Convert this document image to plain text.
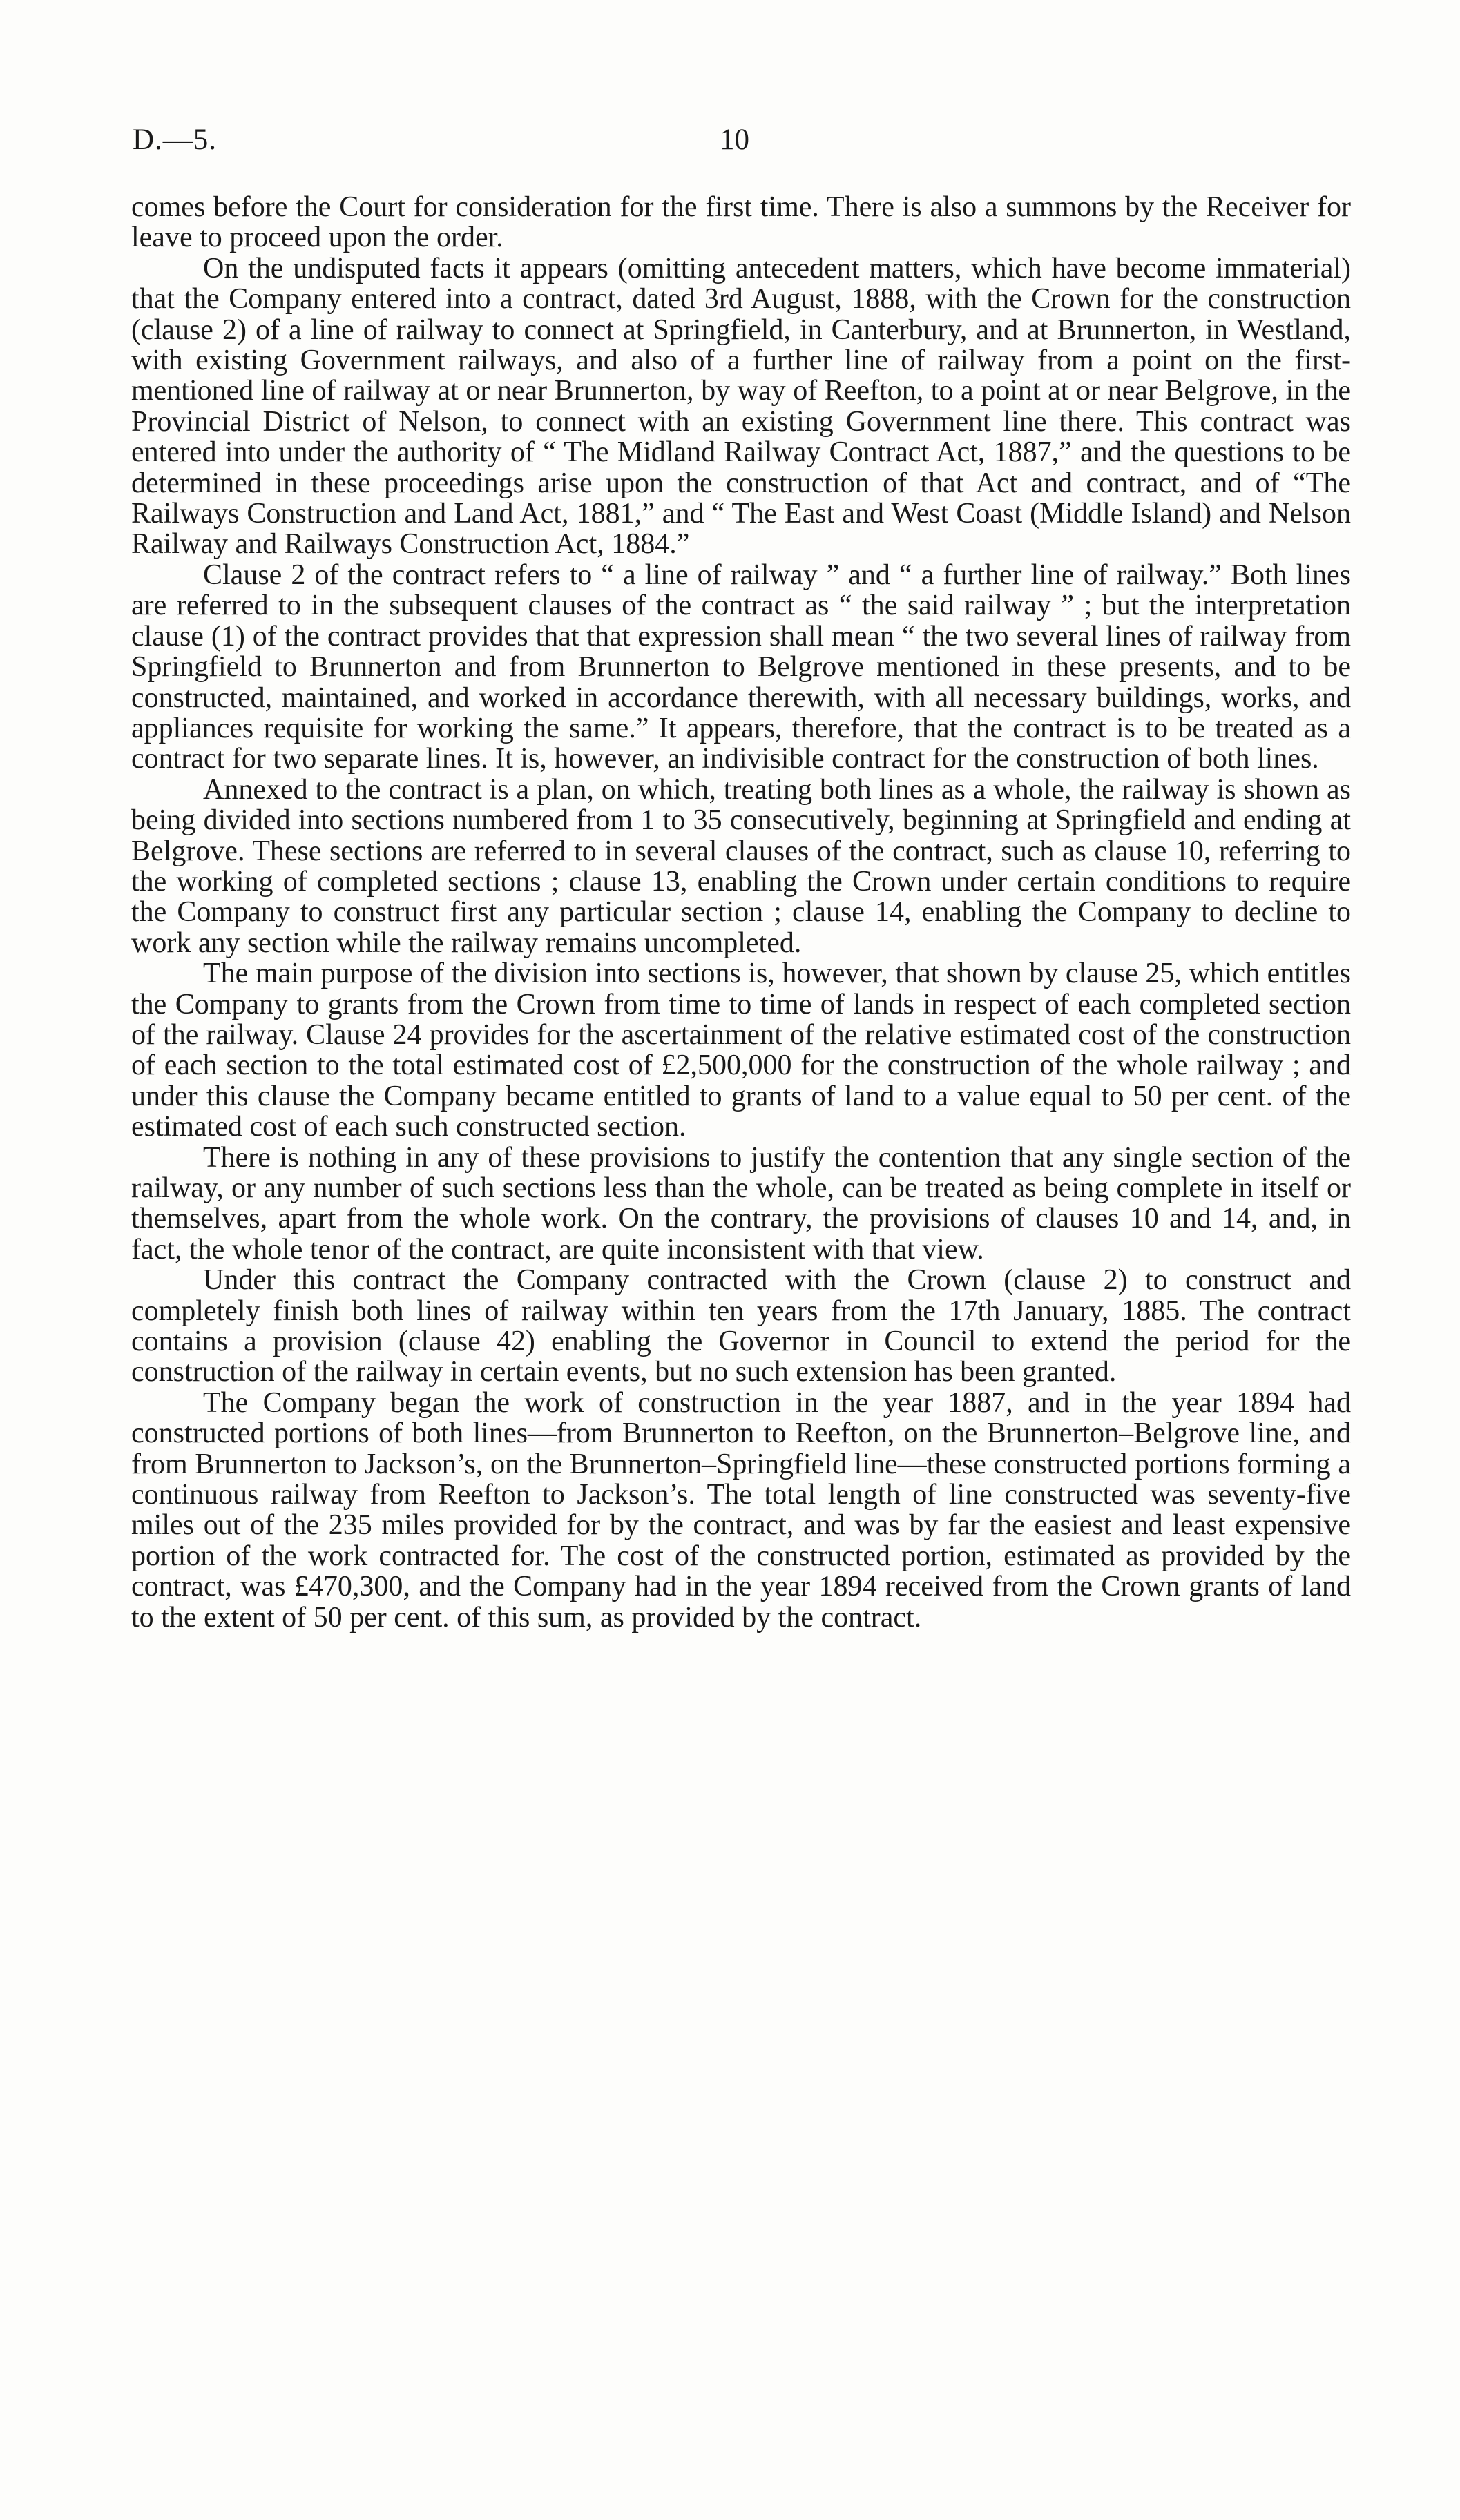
D.—5.	10

comes before the Court for consideration for the first time. There is also a summons by the Receiver for leave to proceed upon the order.

On the undisputed facts it appears (omitting antecedent matters, which have become immaterial) that the Company entered into a contract, dated 3rd August, 1888, with the Crown for the construction (clause 2) of a line of railway to connect at Springfield, in Canterbury, and at Brunnerton, in Westland, with existing Government railways, and also of a further line of railway from a point on the first-mentioned line of railway at or near Brunnerton, by way of Reefton, to a point at or near Belgrove, in the Provincial District of Nelson, to connect with an existing Government line there. This contract was entered into under the authority of “ The Midland Railway Contract Act, 1887,” and the questions to be determined in these proceedings arise upon the construction of that Act and contract, and of “The Railways Construction and Land Act, 1881,” and “ The East and West Coast (Middle Island) and Nelson Railway and Railways Construction Act, 1884.”

Clause 2 of the contract refers to “ a line of railway ” and “ a further line of railway.” Both lines are referred to in the subsequent clauses of the contract as “ the said railway ” ; but the interpretation clause (1) of the contract provides that that expression shall mean “ the two several lines of railway from Springfield to Brunnerton and from Brunnerton to Belgrove mentioned in these presents, and to be constructed, maintained, and worked in accordance therewith, with all necessary buildings, works, and appliances requisite for working the same.” It appears, therefore, that the contract is to be treated as a contract for two separate lines. It is, however, an indivisible contract for the construction of both lines.

Annexed to the contract is a plan, on which, treating both lines as a whole, the railway is shown as being divided into sections numbered from 1 to 35 consecutively, beginning at Springfield and ending at Belgrove. These sections are referred to in several clauses of the contract, such as clause 10, referring to the working of completed sections ; clause 13, enabling the Crown under certain conditions to require the Company to construct first any particular section ; clause 14, enabling the Company to decline to work any section while the railway remains uncompleted.

The main purpose of the division into sections is, however, that shown by clause 25, which entitles the Company to grants from the Crown from time to time of lands in respect of each completed section of the railway. Clause 24 provides for the ascertainment of the relative estimated cost of the construction of each section to the total estimated cost of £2,500,000 for the construction of the whole railway ; and under this clause the Company became entitled to grants of land to a value equal to 50 per cent. of the estimated cost of each such constructed section.

There is nothing in any of these provisions to justify the contention that any single section of the railway, or any number of such sections less than the whole, can be treated as being complete in itself or themselves, apart from the whole work. On the contrary, the provisions of clauses 10 and 14, and, in fact, the whole tenor of the contract, are quite inconsistent with that view.

Under this contract the Company contracted with the Crown (clause 2) to construct and completely finish both lines of railway within ten years from the 17th January, 1885. The contract contains a provision (clause 42) enabling the Governor in Council to extend the period for the construction of the railway in certain events, but no such extension has been granted.

The Company began the work of construction in the year 1887, and in the year 1894 had constructed portions of both lines—from Brunnerton to Reefton, on the Brunnerton–Belgrove line, and from Brunnerton to Jackson’s, on the Brunnerton–Springfield line—these constructed portions forming a continuous railway from Reefton to Jackson’s. The total length of line constructed was seventy-five miles out of the 235 miles provided for by the contract, and was by far the easiest and least expensive portion of the work contracted for. The cost of the constructed portion, estimated as provided by the contract, was £470,300, and the Company had in the year 1894 received from the Crown grants of land to the extent of 50 per cent. of this sum, as provided by the contract.
